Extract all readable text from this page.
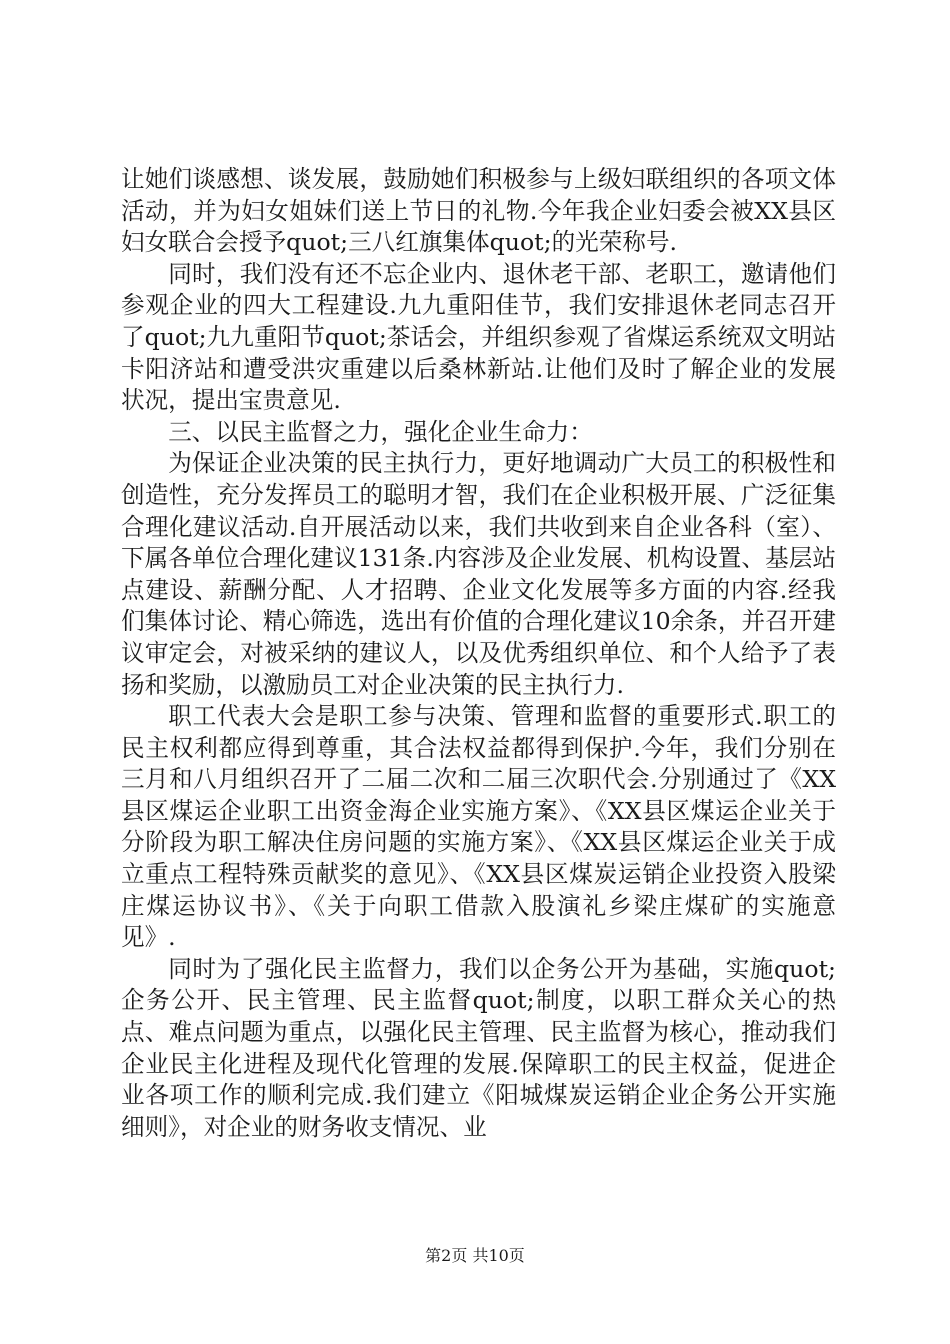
让她们谈感想、谈发展，鼓励她们积极参与上级妇联组织的各项文体活动，并为妇女姐妹们送上节日的礼物.今年我企业妇委会被XX县区妇女联合会授予quot;三八红旗集体quot;的光荣称号.

同时，我们没有还不忘企业内、退休老干部、老职工，邀请他们参观企业的四大工程建设.九九重阳佳节，我们安排退休老同志召开了quot;九九重阳节quot;茶话会，并组织参观了省煤运系统双文明站卡阳济站和遭受洪灾重建以后桑林新站.让他们及时了解企业的发展状况，提出宝贵意见.

三、以民主监督之力，强化企业生命力：

为保证企业决策的民主执行力，更好地调动广大员工的积极性和创造性，充分发挥员工的聪明才智，我们在企业积极开展、广泛征集合理化建议活动.自开展活动以来，我们共收到来自企业各科（室）、下属各单位合理化建议131条.内容涉及企业发展、机构设置、基层站点建设、薪酬分配、人才招聘、企业文化发展等多方面的内容.经我们集体讨论、精心筛选，选出有价值的合理化建议10余条，并召开建议审定会，对被采纳的建议人，以及优秀组织单位、和个人给予了表扬和奖励，以激励员工对企业决策的民主执行力.

职工代表大会是职工参与决策、管理和监督的重要形式.职工的民主权利都应得到尊重，其合法权益都得到保护.今年，我们分别在三月和八月组织召开了二届二次和二届三次职代会.分别通过了《XX县区煤运企业职工出资金海企业实施方案》、《XX县区煤运企业关于分阶段为职工解决住房问题的实施方案》、《XX县区煤运企业关于成立重点工程特殊贡献奖的意见》、《XX县区煤炭运销企业投资入股梁庄煤运协议书》、《关于向职工借款入股演礼乡梁庄煤矿的实施意见》.

同时为了强化民主监督力，我们以企务公开为基础，实施quot;企务公开、民主管理、民主监督quot;制度，以职工群众关心的热点、难点问题为重点，以强化民主管理、民主监督为核心，推动我们企业民主化进程及现代化管理的发展.保障职工的民主权益，促进企业各项工作的顺利完成.我们建立《阳城煤炭运销企业企务公开实施细则》，对企业的财务收支情况、业

第2页 共10页
